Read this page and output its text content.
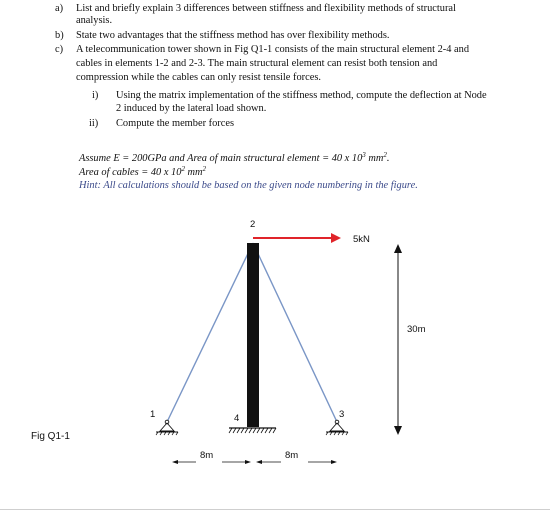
a) List and briefly explain 3 differences between stiffness and flexibility methods of structural
analysis.
b) State two advantages that the stiffness method has over flexibility methods.
c) A telecommunication tower shown in Fig Q1-1 consists of the main structural element 2-4 and
cables in elements 1-2 and 2-3. The main structural element can resist both tension and
compression while the cables can only resist tensile forces.
i) Using the matrix implementation of the stiffness method, compute the deflection at Node
2 induced by the lateral load shown.
ii) Compute the member forces
Assume E = 200GPa and Area of main structural element = 40 x $10^3$ $mm^2$.
Area of cables = 40 x $10^2$ $mm^2$
Hint: All calculations should be based on the given node numbering in the figure.
5kN
30m
2
1	4	3
8m	8m
Fig Q1-1
